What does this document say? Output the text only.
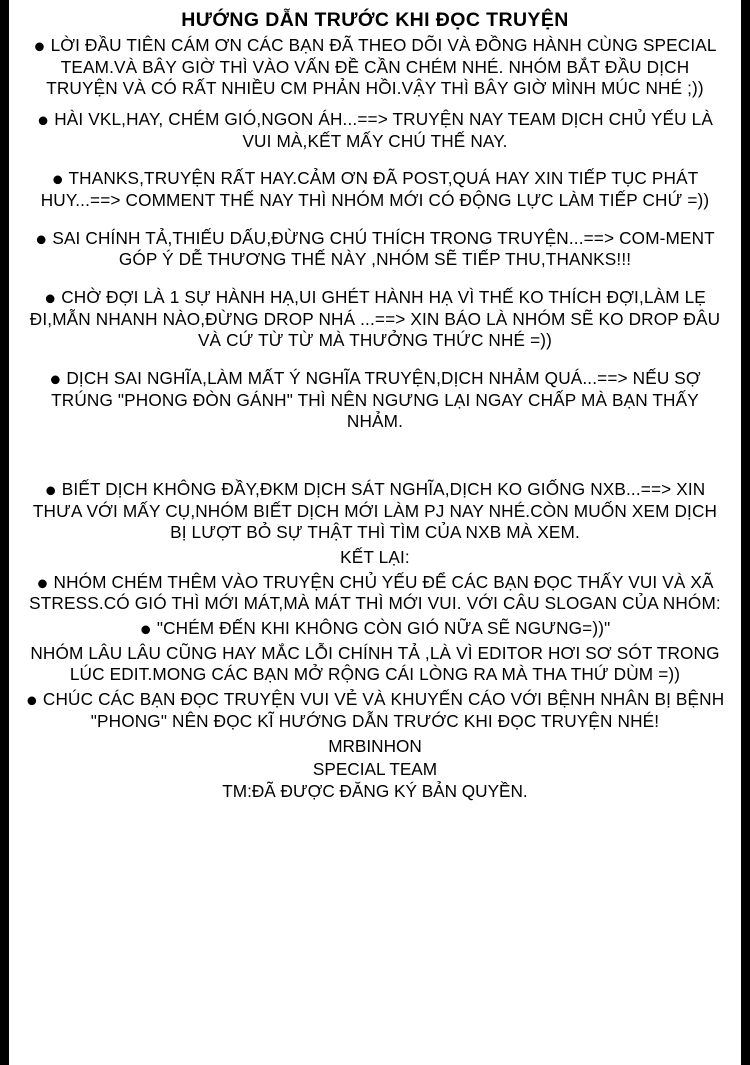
HƯỚNG DẪN TRƯỚC KHI ĐỌC TRUYỆN

● LỜI ĐẦU TIÊN CÁM ƠN CÁC BẠN ĐÃ THEO DÕI VÀ ĐỒNG HÀNH CÙNG SPECIAL TEAM.VÀ BÂY GIỜ THÌ VÀO VẤN ĐỀ CẦN CHÉM NHÉ. NHÓM BẮT ĐẦU DỊCH TRUYỆN VÀ CÓ RẤT NHIỀU CM PHẢN HỒI.VẬY THÌ BÂY GIỜ MÌNH MÚC NHÉ ;))

● HÀI VKL,HAY, CHÉM GIÓ,NGON ÁH...==> TRUYỆN NAY TEAM DỊCH CHỦ YẾU LÀ VUI MÀ,KẾT MẤY CHÚ THẾ NAY.

● THANKS,TRUYỆN RẤT HAY.CẢM ƠN ĐÃ POST,QUÁ HAY XIN TIẾP TỤC PHÁT HUY...==> COMMENT THẾ NAY THÌ NHÓM MỚI CÓ ĐỘNG LỰC LÀM TIẾP CHỨ =))

● SAI CHÍNH TẢ,THIẾU DẤU,ĐỪNG CHÚ THÍCH TRONG TRUYỆN...==> COM-MENT GÓP Ý DỄ THƯƠNG THẾ NÀY ,NHÓM SẼ TIẾP THU,THANKS!!!

● CHỜ ĐỢI LÀ 1 SỰ HÀNH HẠ,UI GHÉT HÀNH HẠ VÌ THẾ KO THÍCH ĐỢI,LÀM LẸ ĐI,MẪN NHANH NÀO,ĐỪNG DROP NHÁ ...==> XIN BÁO LÀ NHÓM SẼ KO DROP ĐÂU VÀ CỨ TỪ TỪ MÀ THƯỞNG THỨC NHÉ =))

● DỊCH SAI NGHĨA,LÀM MẤT Ý NGHĨA TRUYỆN,DỊCH NHẢM QUÁ...==> NẾU SỢ TRÚNG "PHONG ĐÒN GÁNH" THÌ NÊN NGƯNG LẠI NGAY CHẤP MÀ BẠN THẤY NHẢM.

● BIẾT DỊCH KHÔNG ĐẦY,ĐKM DỊCH SÁT NGHĨA,DỊCH KO GIỐNG NXB...==> XIN THƯA VỚI MẤY CỤ,NHÓM BIẾT DỊCH MỚI LÀM PJ NAY NHÉ.CÒN MUỐN XEM DỊCH BỊ LƯỢT BỎ SỰ THẬT THÌ TÌM CỦA NXB MÀ XEM.

KẾT LẠI:

● NHÓM CHÉM THÊM VÀO TRUYỆN CHỦ YẾU ĐỂ CÁC BẠN ĐỌC THẤY VUI VÀ XÃ STRESS.CÓ GIÓ THÌ MỚI MÁT,MÀ MÁT THÌ MỚI VUI. VỚI CÂU SLOGAN CỦA NHÓM:

● "CHÉM ĐẾN KHI KHÔNG CÒN GIÓ NỮA SẼ NGƯNG=))"

NHÓM LÂU LÂU CŨNG HAY MẮC LỖI CHÍNH TẢ ,LÀ VÌ EDITOR HƠI SƠ SÓT TRONG LÚC EDIT.MONG CÁC BẠN MỞ RỘNG CÁI LÒNG RA MÀ THA THỨ DÙM =))

● CHÚC CÁC BẠN ĐỌC TRUYỆN VUI VẺ VÀ KHUYẾN CÁO VỚI BỆNH NHÂN BỊ BỆNH "PHONG" NÊN ĐỌC KĨ HƯỚNG DẪN TRƯỚC KHI ĐỌC TRUYỆN NHÉ!

MRBINHON

SPECIAL TEAM

TM:ĐÃ ĐƯỢC ĐĂNG KÝ BẢN QUYỀN.
